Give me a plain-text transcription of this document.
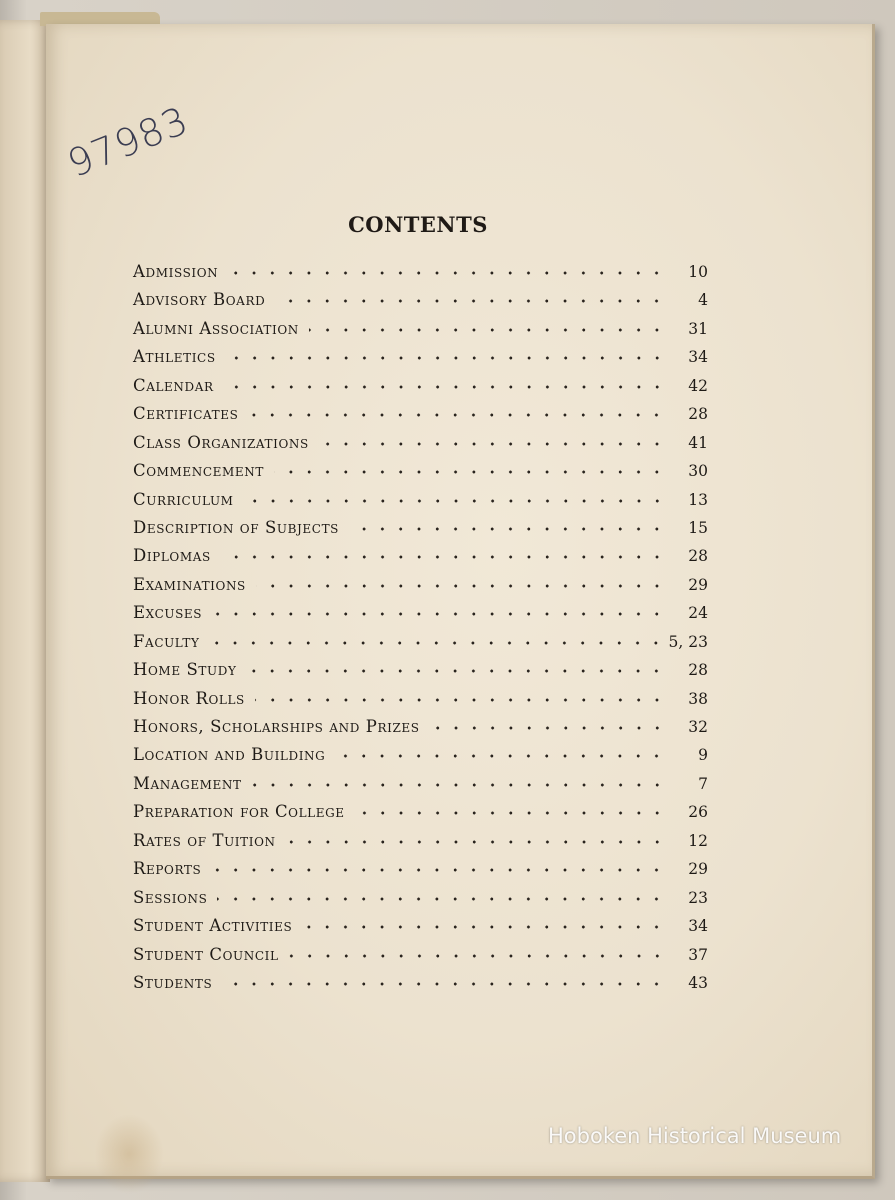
97983
CONTENTS
Admission	10
Advisory Board	4
Alumni Association	31
Athletics	34
Calendar	42
Certificates	28
Class Organizations	41
Commencement	30
Curriculum	13
Description of Subjects	15
Diplomas	28
Examinations	29
Excuses	24
Faculty	5, 23
Home Study	28
Honor Rolls	38
Honors, Scholarships and Prizes	32
Location and Building	9
Management	7
Preparation for College	26
Rates of Tuition	12
Reports	29
Sessions	23
Student Activities	34
Student Council	37
Students	43
Hoboken Historical Museum
